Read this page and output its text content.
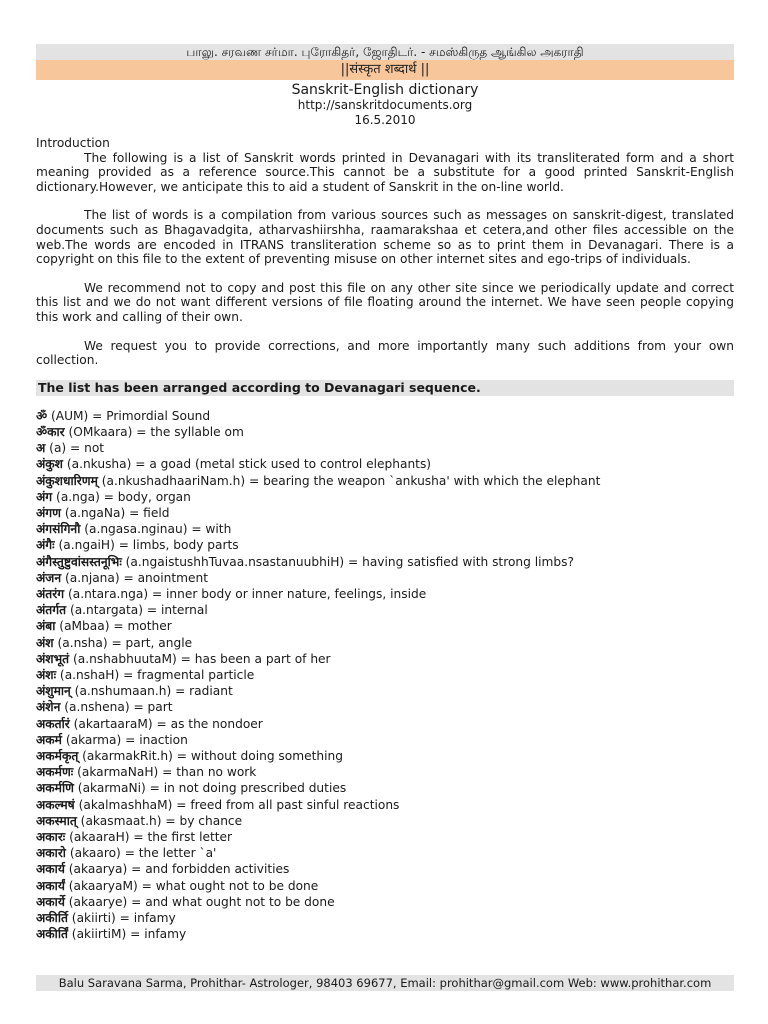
பாலு. சரவண சர்மா. புரோகிதர், ஜோதிடர். - சமஸ்கிருத ஆங்கில அகராதி
||संस्कृत शब्दार्थ ||
Sanskrit-English dictionary
http://sanskritdocuments.org
16.5.2010
Introduction
The following is a list of Sanskrit words printed in Devanagari with its transliterated form and a short meaning provided as a reference source.This cannot be a substitute for a good printed Sanskrit-English dictionary.However, we anticipate this to aid a student of Sanskrit in the on-line world.
The list of words is a compilation from various sources such as messages on sanskrit-digest, translated documents such as Bhagavadgita, atharvashiirshha, raamarakshaa et cetera,and other files accessible on the web.The words are encoded in ITRANS transliteration scheme so as to print them in Devanagari. There is a copyright on this file to the extent of preventing misuse on other internet sites and ego-trips of individuals.
We recommend not to copy and post this file on any other site since we periodically update and correct this list and we do not want different versions of file floating around the internet. We have seen people copying this work and calling of their own.
We request you to provide corrections, and more importantly many such additions from your own collection.
The list has been arranged according to Devanagari sequence.
ॐ (AUM) = Primordial Sound
ॐकार (OMkaara) = the syllable om
अ (a) = not
अंकुश (a.nkusha) = a goad (metal stick used to control elephants)
अंकुशधारिणम् (a.nkushadhaariNam.h) = bearing the weapon `ankusha' with which the elephant
अंग (a.nga) = body, organ
अंगण (a.ngaNa) = field
अंगसंगिनौ (a.ngasa.nginau) = with
अंगैः (a.ngaiH) = limbs, body parts
अंगैस्तुष्टुवांसस्तनूभिः (a.ngaistushhTuvaa.nsastanuubhiH) = having satisfied with strong limbs?
अंजन (a.njana) = anointment
अंतरंग (a.ntara.nga) = inner body or inner nature, feelings, inside
अंतर्गत (a.ntargata) = internal
अंबा (aMbaa) = mother
अंश (a.nsha) = part, angle
अंशभूतं (a.nshabhuutaM) = has been a part of her
अंशः (a.nshaH) = fragmental particle
अंशुमान् (a.nshumaan.h) = radiant
अंशेन (a.nshena) = part
अकर्तारं (akartaaraM) = as the nondoer
अकर्म (akarma) = inaction
अकर्मकृत् (akarmakRit.h) = without doing something
अकर्मणः (akarmaNaH) = than no work
अकर्मणि (akarmaNi) = in not doing prescribed duties
अकल्मषं (akalmashhaM) = freed from all past sinful reactions
अकस्मात् (akasmaat.h) = by chance
अकारः (akaaraH) = the first letter
अकारो (akaaro) = the letter `a'
अकार्य (akaarya) = and forbidden activities
अकार्यं (akaaryaM) = what ought not to be done
अकार्ये (akaarye) = and what ought not to be done
अकीर्ति (akiirti) = infamy
अकीर्तिं (akiirtiM) = infamy
Balu Saravana Sarma, Prohithar- Astrologer, 98403 69677, Email: prohithar@gmail.com Web: www.prohithar.com
